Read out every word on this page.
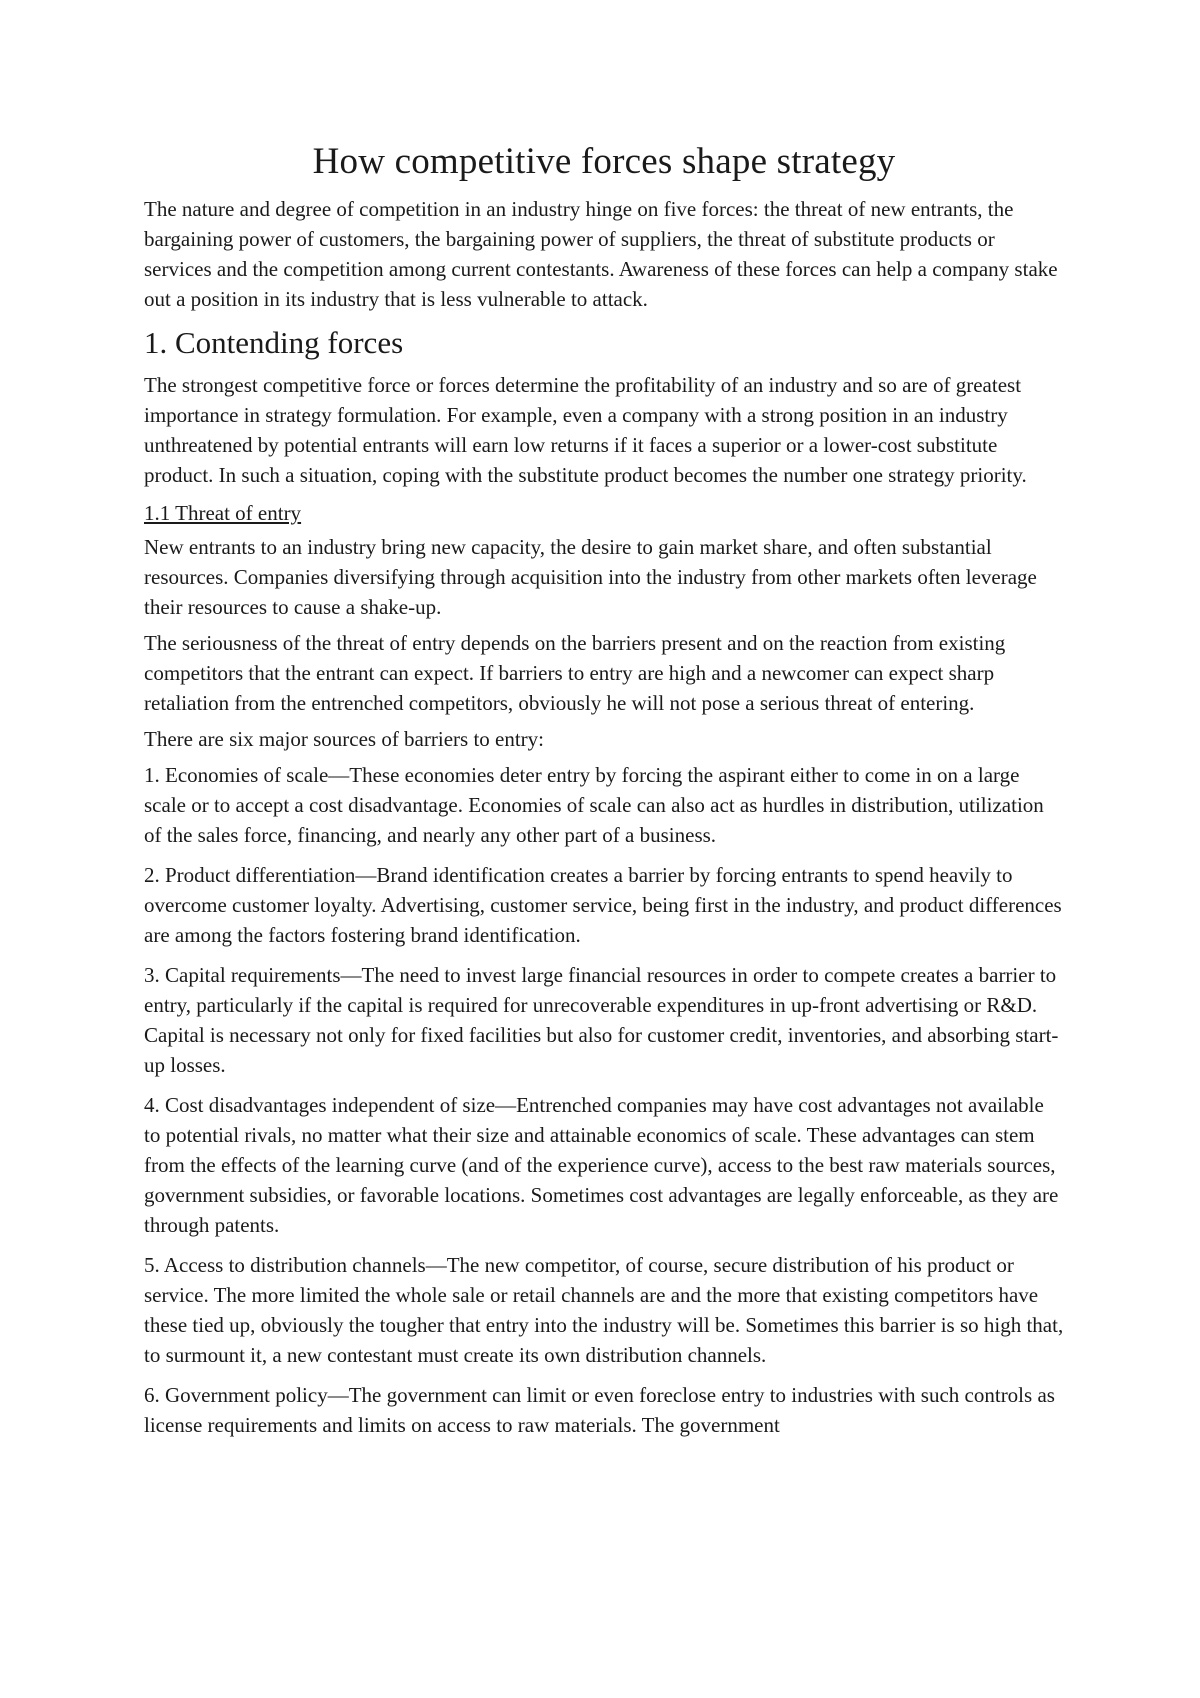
How competitive forces shape strategy

The nature and degree of competition in an industry hinge on five forces: the threat of new entrants, the bargaining power of customers, the bargaining power of suppliers, the threat of substitute products or services and the competition among current contestants. Awareness of these forces can help a company stake out a position in its industry that is less vulnerable to attack.

1. Contending forces

The strongest competitive force or forces determine the profitability of an industry and so are of greatest importance in strategy formulation. For example, even a company with a strong position in an industry unthreatened by potential entrants will earn low returns if it faces a superior or a lower-cost substitute product. In such a situation, coping with the substitute product becomes the number one strategy priority.

1.1 Threat of entry

New entrants to an industry bring new capacity, the desire to gain market share, and often substantial resources. Companies diversifying through acquisition into the industry from other markets often leverage their resources to cause a shake-up.

The seriousness of the threat of entry depends on the barriers present and on the reaction from existing competitors that the entrant can expect. If barriers to entry are high and a newcomer can expect sharp retaliation from the entrenched competitors, obviously he will not pose a serious threat of entering.

There are six major sources of barriers to entry:

1. Economies of scale—These economies deter entry by forcing the aspirant either to come in on a large scale or to accept a cost disadvantage. Economies of scale can also act as hurdles in distribution, utilization of the sales force, financing, and nearly any other part of a business.

2. Product differentiation—Brand identification creates a barrier by forcing entrants to spend heavily to overcome customer loyalty. Advertising, customer service, being first in the industry, and product differences are among the factors fostering brand identification.

3. Capital requirements—The need to invest large financial resources in order to compete creates a barrier to entry, particularly if the capital is required for unrecoverable expenditures in up-front advertising or R&D. Capital is necessary not only for fixed facilities but also for customer credit, inventories, and absorbing start-up losses.

4. Cost disadvantages independent of size—Entrenched companies may have cost advantages not available to potential rivals, no matter what their size and attainable economics of scale. These advantages can stem from the effects of the learning curve (and of the experience curve), access to the best raw materials sources, government subsidies, or favorable locations. Sometimes cost advantages are legally enforceable, as they are through patents.

5. Access to distribution channels—The new competitor, of course, secure distribution of his product or service. The more limited the whole sale or retail channels are and the more that existing competitors have these tied up, obviously the tougher that entry into the industry will be. Sometimes this barrier is so high that, to surmount it, a new contestant must create its own distribution channels.

6. Government policy—The government can limit or even foreclose entry to industries with such controls as license requirements and limits on access to raw materials. The government
